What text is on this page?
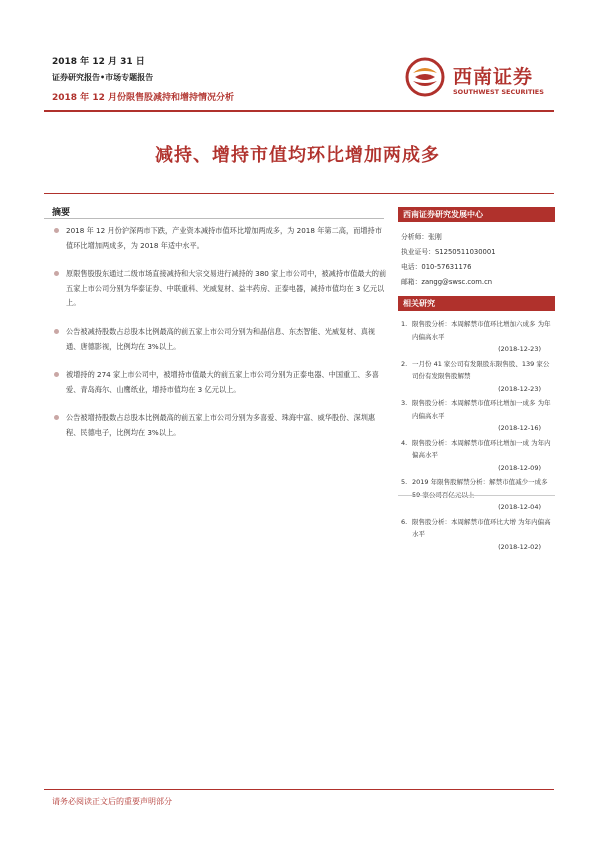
2018 年 12 月 31 日
证券研究报告•市场专题报告
2018 年 12 月份限售股减持和增持情况分析
西南证券
SOUTHWEST SECURITIES
减持、增持市值均环比增加两成多
摘要
2018 年 12 月份沪深两市下跌，产业资本减持市值环比增加两成多，为 2018 年第二高，而增持市值环比增加两成多，为 2018 年适中水平。
原限售股股东通过二级市场直接减持和大宗交易进行减持的 380 家上市公司中，被减持市值最大的前五家上市公司分别为华泰证券、中联重科、光威复材、益丰药房、正泰电器，减持市值均在 3 亿元以上。
公告被减持股数占总股本比例最高的前五家上市公司分别为和晶信息、东杰智能、光威复材、真视通、唐德影视，比例均在 3%以上。
被增持的 274 家上市公司中，被增持市值最大的前五家上市公司分别为正泰电器、中国重工、多喜爱、青岛海尔、山鹰纸业，增持市值均在 3 亿元以上。
公告被增持股数占总股本比例最高的前五家上市公司分别为多喜爱、珠海中富、威华股份、深圳惠程、民德电子，比例均在 3%以上。
西南证券研究发展中心
分析师：张刚
执业证号：S1250511030001
电话：010-57631176
邮箱：zangg@swsc.com.cn
相关研究
1. 限售股分析：本周解禁市值环比增加六成多 为年内偏高水平
(2018-12-23)
2. 一月份 41 家公司有发限股东限售股、139 家公司份有发限售股解禁
(2018-12-23)
3. 限售股分析：本周解禁市值环比增加一成多 为年内偏高水平
(2018-12-16)
4. 限售股分析：本周解禁市值环比增加一成 为年内偏高水平
(2018-12-09)
5. 2019 年限售股解禁分析：解禁市值减少一成多
(2018-12-04)
6. 限售股分析：本周解禁市值环比大增 为年内偏高水平
(2018-12-02)
请务必阅读正文后的重要声明部分
